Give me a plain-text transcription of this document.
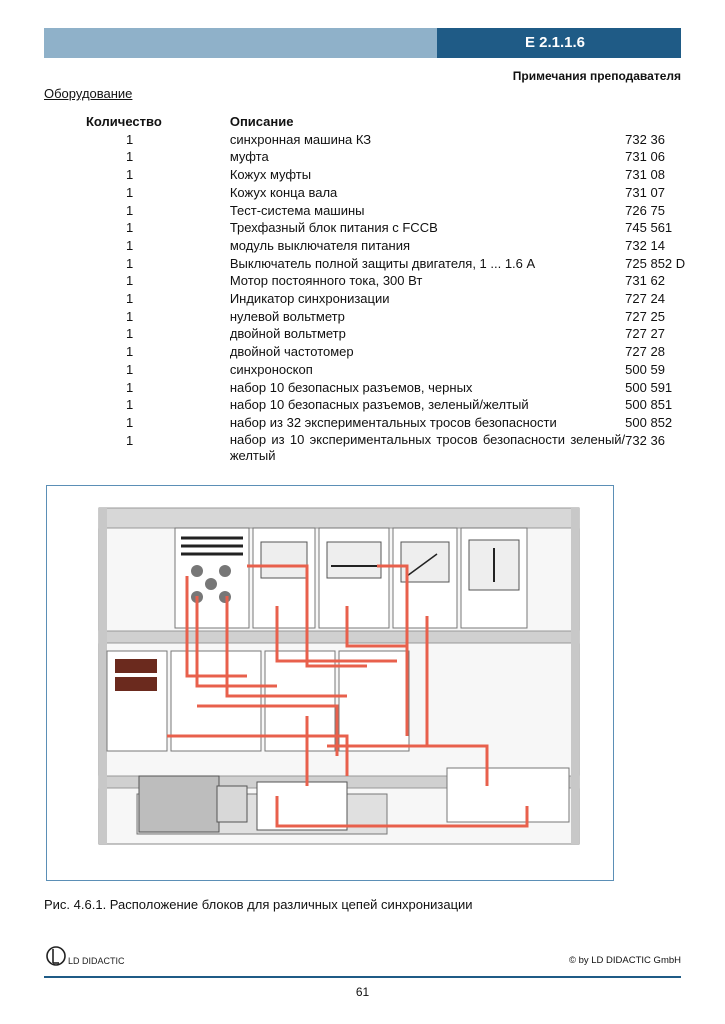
E 2.1.1.6
Примечания преподавателя
Оборудование
Количество	Описание	
1	синхронная машина КЗ	732 36
1	муфта	731 06
1	Кожух муфты	731 08
1	Кожух конца вала	731 07
1	Тест-система машины	726 75
1	Трехфазный блок питания с FCCB	745 561
1	модуль выключателя питания	732 14
1	Выключатель полной защиты двигателя, 1 ... 1.6 А	725 852 D
1	Мотор постоянного тока, 300 Вт	731 62
1	Индикатор синхронизации	727 24
1	нулевой вольтметр	727 25
1	двойной вольтметр	727 27
1	двойной частотомер	727 28
1	синхроноскоп	500 59
1	набор 10 безопасных разъемов, черных	500 591
1	набор 10 безопасных разъемов, зеленый/желтый	500 851
1	набор из 32 экспериментальных тросов безопасности	500 852
1	набор из 10 экспериментальных тросов безопасности зеленый/желтый	732 36
Рис. 4.6.1. Расположение блоков для различных цепей синхронизации
LD DIDACTIC	© by LD DIDACTIC GmbH
61
